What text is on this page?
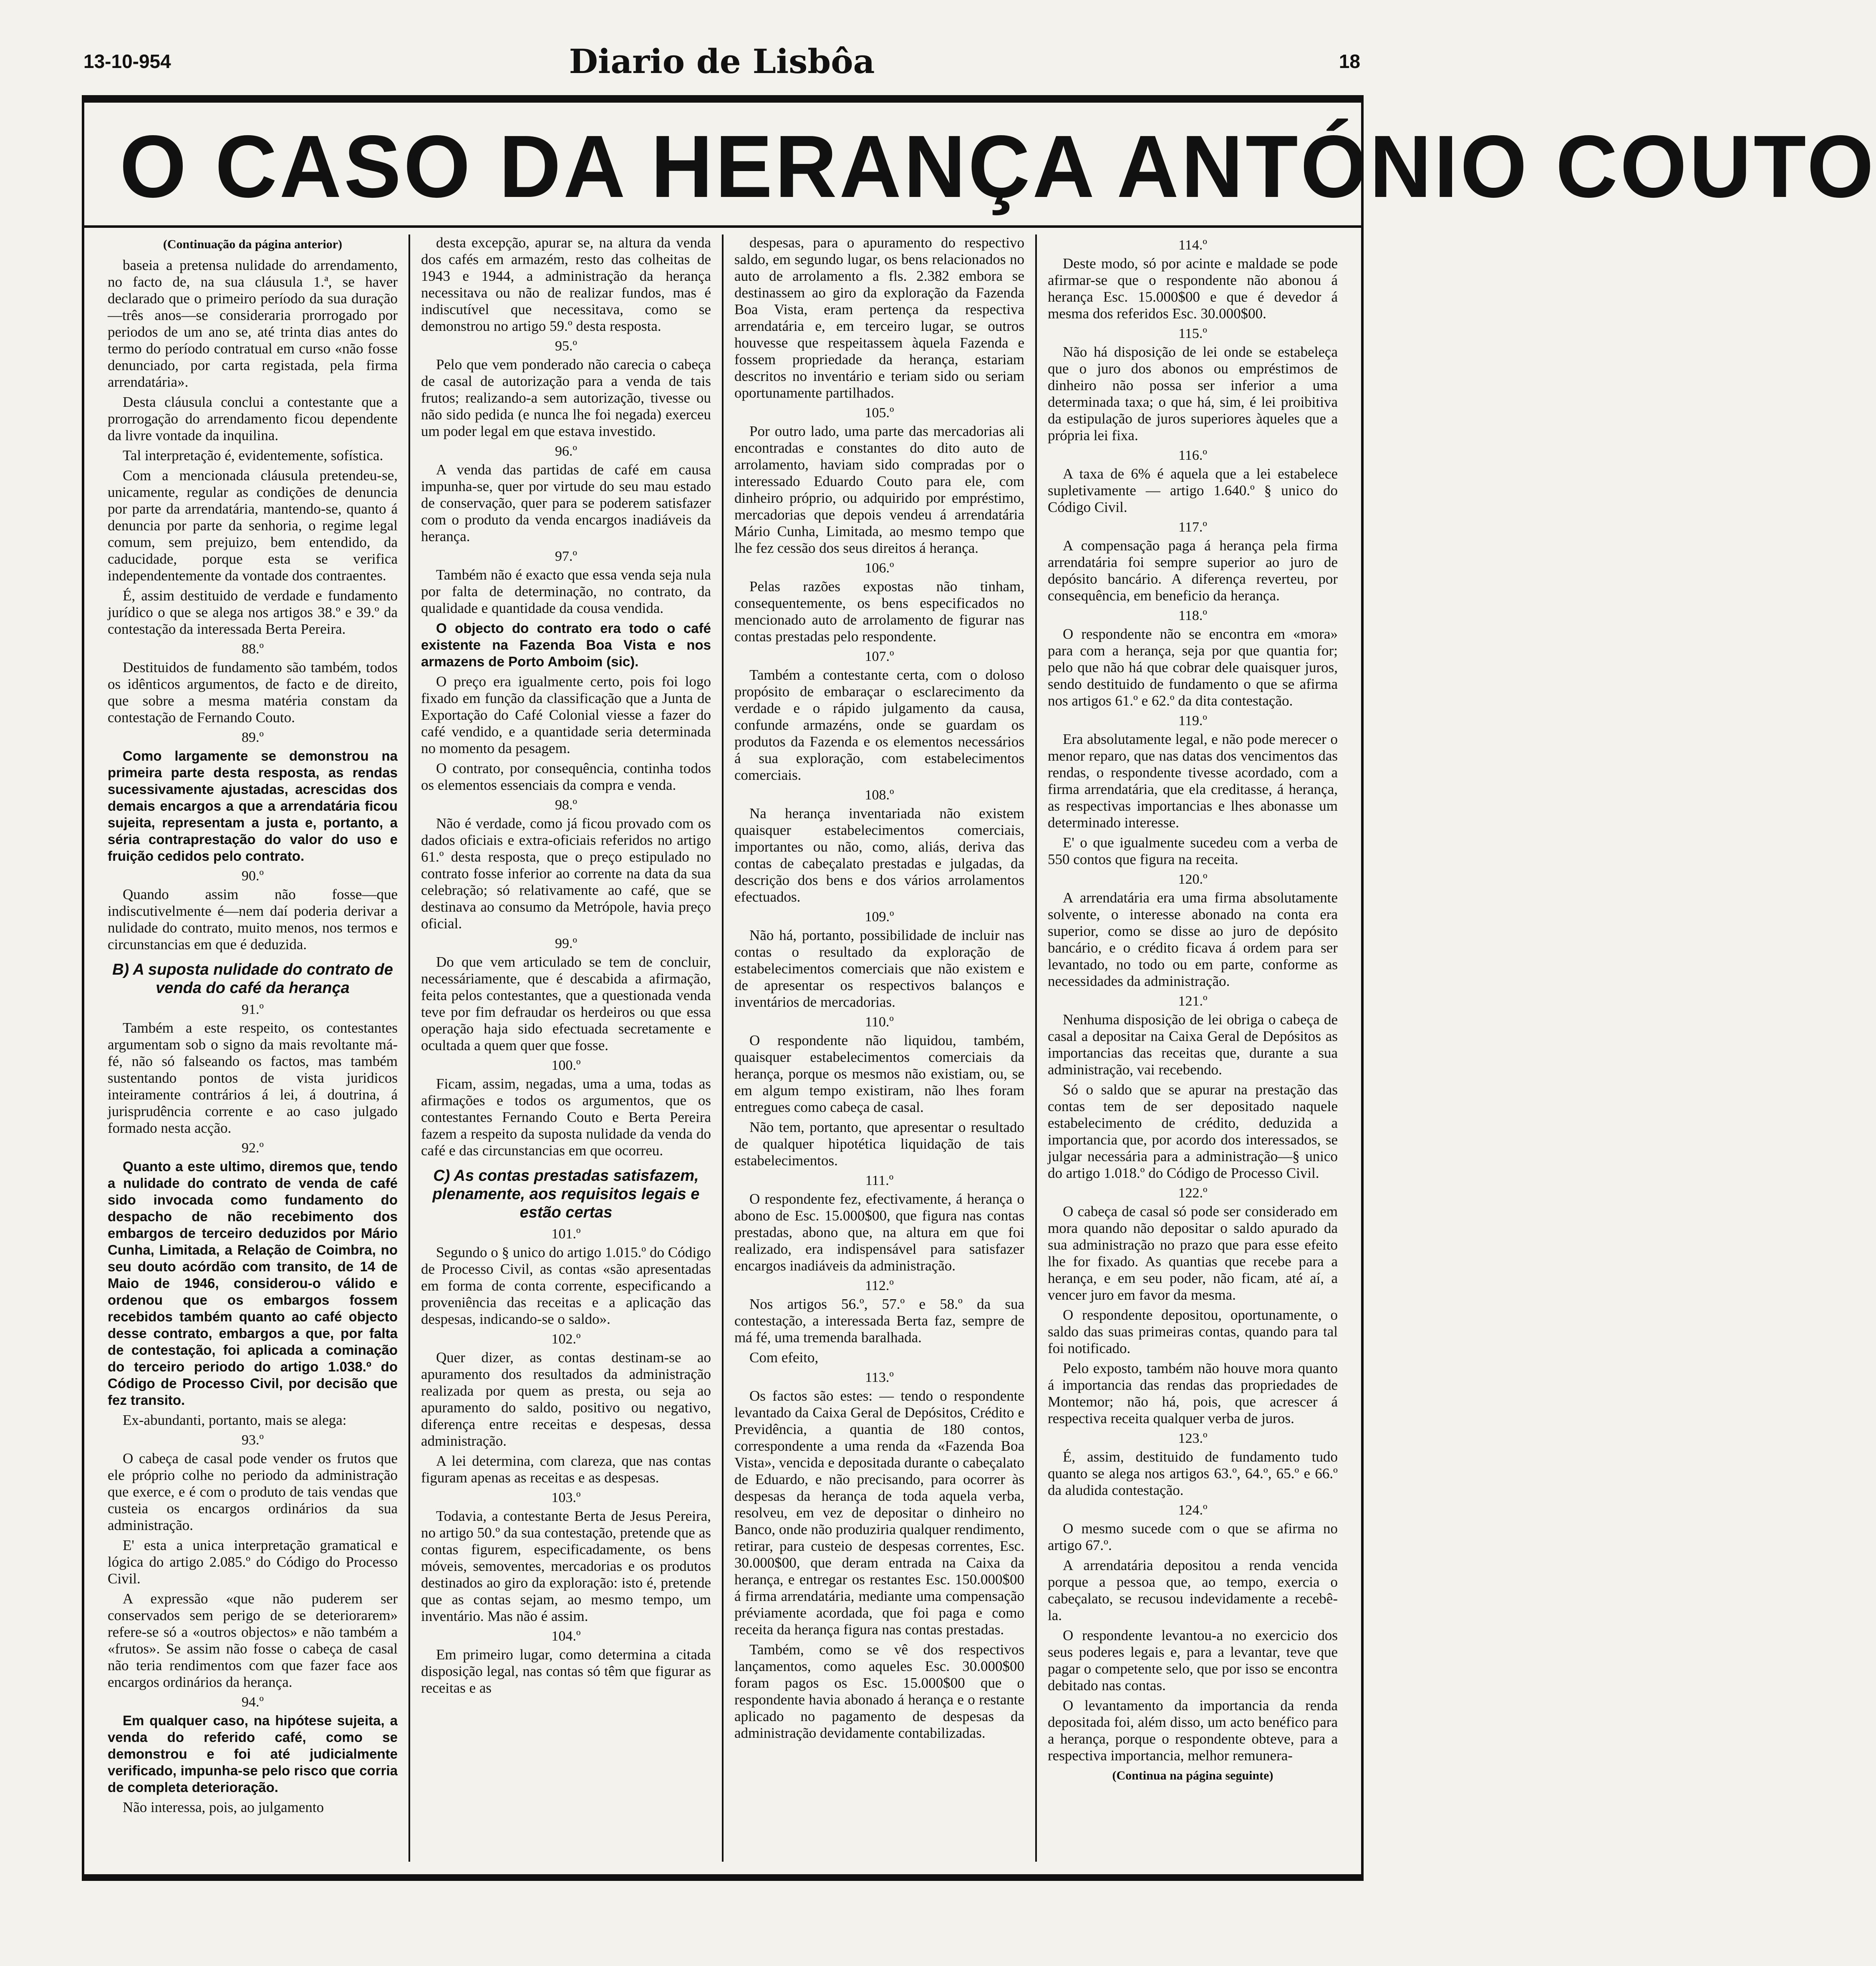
13-10-954	Diario de Lisbôa	18
O CASO DA HERANÇA ANTÓNIO COUTO
(Continuação da página anterior)

baseia a pretensa nulidade do arrendamento, no facto de, na sua cláusula 1.ª, se haver declarado que o primeiro período da sua duração—três anos—se consideraria prorrogado por periodos de um ano se, até trinta dias antes do termo do período contratual em curso «não fosse denunciado, por carta registada, pela firma arrendatária».

Desta cláusula conclui a contestante que a prorrogação do arrendamento ficou dependente da livre vontade da inquilina.

Tal interpretação é, evidentemente, sofística.

Com a mencionada cláusula pretendeu-se, unicamente, regular as condições de denuncia por parte da arrendatária, mantendo-se, quanto á denuncia por parte da senhoria, o regime legal comum, sem prejuizo, bem entendido, da caducidade, porque esta se verifica independentemente da vontade dos contraentes.

É, assim destituido de verdade e fundamento jurídico o que se alega nos artigos 38.º e 39.º da contestação da interessada Berta Pereira.

88.º

Destituidos de fundamento são também, todos os idênticos argumentos, de facto e de direito, que sobre a mesma matéria constam da contestação de Fernando Couto.

89.º

Como largamente se demonstrou na primeira parte desta resposta, as rendas sucessivamente ajustadas, acrescidas dos demais encargos a que a arrendatária ficou sujeita, representam a justa e, portanto, a séria contraprestação do valor do uso e fruição cedidos pelo contrato.

90.º

Quando assim não fosse—que indiscutivelmente é—nem daí poderia derivar a nulidade do contrato, muito menos, nos termos e circunstancias em que é deduzida.

B) A suposta nulidade do contrato de venda do café da herança
91.º

Também a este respeito, os contestantes argumentam sob o signo da mais revoltante má-fé, não só falseando os factos, mas também sustentando pontos de vista juridicos inteiramente contrários á lei, á doutrina, á jurisprudência corrente e ao caso julgado formado nesta acção.

92.º

Quanto a este ultimo, diremos que, tendo a nulidade do contrato de venda de café sido invocada como fundamento do despacho de não recebimento dos embargos de terceiro deduzidos por Mário Cunha, Limitada, a Relação de Coimbra, no seu douto acórdão com transito, de 14 de Maio de 1946, considerou-o válido e ordenou que os embargos fossem recebidos também quanto ao café objecto desse contrato, embargos a que, por falta de contestação, foi aplicada a cominação do terceiro periodo do artigo 1.038.º do Código de Processo Civil, por decisão que fez transito.

Ex-abundanti, portanto, mais se alega:

93.º

O cabeça de casal pode vender os frutos que ele próprio colhe no periodo da administração que exerce, e é com o produto de tais vendas que custeia os encargos ordinários da sua administração.

E' esta a unica interpretação gramatical e lógica do artigo 2.085.º do Código do Processo Civil.

A expressão «que não puderem ser conservados sem perigo de se deteriorarem» refere-se só a «outros objectos» e não também a «frutos». Se assim não fosse o cabeça de casal não teria rendimentos com que fazer face aos encargos ordinários da herança.

94.º

Em qualquer caso, na hipótese sujeita, a venda do referido café, como se demonstrou e foi até judicialmente verificado, impunha-se pelo risco que corria de completa deterioração.

Não interessa, pois, ao julgamento

desta excepção, apurar se, na altura da venda dos cafés em armazém, resto das colheitas de 1943 e 1944, a administração da herança necessitava ou não de realizar fundos, mas é indiscutível que necessitava, como se demonstrou no artigo 59.º desta resposta.

95.º

Pelo que vem ponderado não carecia o cabeça de casal de autorização para a venda de tais frutos; realizando-a sem autorização, tivesse ou não sido pedida (e nunca lhe foi negada) exerceu um poder legal em que estava investido.

96.º

A venda das partidas de café em causa impunha-se, quer por virtude do seu mau estado de conservação, quer para se poderem satisfazer com o produto da venda encargos inadiáveis da herança.

97.º

Também não é exacto que essa venda seja nula por falta de determinação, no contrato, da qualidade e quantidade da cousa vendida.

O objecto do contrato era todo o café existente na Fazenda Boa Vista e nos armazens de Porto Amboim (sic).

O preço era igualmente certo, pois foi logo fixado em função da classificação que a Junta de Exportação do Café Colonial viesse a fazer do café vendido, e a quantidade seria determinada no momento da pesagem.

O contrato, por consequência, continha todos os elementos essenciais da compra e venda.

98.º

Não é verdade, como já ficou provado com os dados oficiais e extra-oficiais referidos no artigo 61.º desta resposta, que o preço estipulado no contrato fosse inferior ao corrente na data da sua celebração; só relativamente ao café, que se destinava ao consumo da Metrópole, havia preço oficial.

99.º

Do que vem articulado se tem de concluir, necessáriamente, que é descabida a afirmação, feita pelos contestantes, que a questionada venda teve por fim defraudar os herdeiros ou que essa operação haja sido efectuada secretamente e ocultada a quem quer que fosse.

100.º

Ficam, assim, negadas, uma a uma, todas as afirmações e todos os argumentos, que os contestantes Fernando Couto e Berta Pereira fazem a respeito da suposta nulidade da venda do café e das circunstancias em que ocorreu.

C) As contas prestadas satisfazem, plenamente, aos requisitos legais e estão certas
101.º

Segundo o § unico do artigo 1.015.º do Código de Processo Civil, as contas «são apresentadas em forma de conta corrente, especificando a proveniência das receitas e a aplicação das despesas, indicando-se o saldo».

102.º

Quer dizer, as contas destinam-se ao apuramento dos resultados da administração realizada por quem as presta, ou seja ao apuramento do saldo, positivo ou negativo, diferença entre receitas e despesas, dessa administração.

A lei determina, com clareza, que nas contas figuram apenas as receitas e as despesas.

103.º

Todavia, a contestante Berta de Jesus Pereira, no artigo 50.º da sua contestação, pretende que as contas figurem, especificadamente, os bens móveis, semoventes, mercadorias e os produtos destinados ao giro da exploração: isto é, pretende que as contas sejam, ao mesmo tempo, um inventário. Mas não é assim.

104.º

Em primeiro lugar, como determina a citada disposição legal, nas contas só têm que figurar as receitas e as

despesas, para o apuramento do respectivo saldo, em segundo lugar, os bens relacionados no auto de arrolamento a fls. 2.382 embora se destinassem ao giro da exploração da Fazenda Boa Vista, eram pertença da respectiva arrendatária e, em terceiro lugar, se outros houvesse que respeitassem àquela Fazenda e fossem propriedade da herança, estariam descritos no inventário e teriam sido ou seriam oportunamente partilhados.

105.º

Por outro lado, uma parte das mercadorias ali encontradas e constantes do dito auto de arrolamento, haviam sido compradas por o interessado Eduardo Couto para ele, com dinheiro próprio, ou adquirido por empréstimo, mercadorias que depois vendeu á arrendatária Mário Cunha, Limitada, ao mesmo tempo que lhe fez cessão dos seus direitos á herança.

106.º

Pelas razões expostas não tinham, consequentemente, os bens especificados no mencionado auto de arrolamento de figurar nas contas prestadas pelo respondente.

107.º

Também a contestante certa, com o doloso propósito de embaraçar o esclarecimento da verdade e o rápido julgamento da causa, confunde armazéns, onde se guardam os produtos da Fazenda e os elementos necessários á sua exploração, com estabelecimentos comerciais.

108.º

Na herança inventariada não existem quaisquer estabelecimentos comerciais, importantes ou não, como, aliás, deriva das contas de cabeçalato prestadas e julgadas, da descrição dos bens e dos vários arrolamentos efectuados.

109.º

Não há, portanto, possibilidade de incluir nas contas o resultado da exploração de estabelecimentos comerciais que não existem e de apresentar os respectivos balanços e inventários de mercadorias.

110.º

O respondente não liquidou, também, quaisquer estabelecimentos comerciais da herança, porque os mesmos não existiam, ou, se em algum tempo existiram, não lhes foram entregues como cabeça de casal.

Não tem, portanto, que apresentar o resultado de qualquer hipotética liquidação de tais estabelecimentos.

111.º

O respondente fez, efectivamente, á herança o abono de Esc. 15.000$00, que figura nas contas prestadas, abono que, na altura em que foi realizado, era indispensável para satisfazer encargos inadiáveis da administração.

112.º

Nos artigos 56.º, 57.º e 58.º da sua contestação, a interessada Berta faz, sempre de má fé, uma tremenda baralhada.

Com efeito,

113.º

Os factos são estes: — tendo o respondente levantado da Caixa Geral de Depósitos, Crédito e Previdência, a quantia de 180 contos, correspondente a uma renda da «Fazenda Boa Vista», vencida e depositada durante o cabeçalato de Eduardo, e não precisando, para ocorrer às despesas da herança de toda aquela verba, resolveu, em vez de depositar o dinheiro no Banco, onde não produziria qualquer rendimento, retirar, para custeio de despesas correntes, Esc. 30.000$00, que deram entrada na Caixa da herança, e entregar os restantes Esc. 150.000$00 á firma arrendatária, mediante uma compensação préviamente acordada, que foi paga e como receita da herança figura nas contas prestadas.

Também, como se vê dos respectivos lançamentos, como aqueles Esc. 30.000$00 foram pagos os Esc. 15.000$00 que o respondente havia abonado á herança e o restante aplicado no pagamento de despesas da administração devidamente contabilizadas.

114.º

Deste modo, só por acinte e maldade se pode afirmar-se que o respondente não abonou á herança Esc. 15.000$00 e que é devedor á mesma dos referidos Esc. 30.000$00.

115.º

Não há disposição de lei onde se estabeleça que o juro dos abonos ou empréstimos de dinheiro não possa ser inferior a uma determinada taxa; o que há, sim, é lei proibitiva da estipulação de juros superiores àqueles que a própria lei fixa.

116.º

A taxa de 6% é aquela que a lei estabelece supletivamente — artigo 1.640.º § unico do Código Civil.

117.º

A compensação paga á herança pela firma arrendatária foi sempre superior ao juro de depósito bancário. A diferença reverteu, por consequência, em beneficio da herança.

118.º

O respondente não se encontra em «mora» para com a herança, seja por que quantia for; pelo que não há que cobrar dele quaisquer juros, sendo destituido de fundamento o que se afirma nos artigos 61.º e 62.º da dita contestação.

119.º

Era absolutamente legal, e não pode merecer o menor reparo, que nas datas dos vencimentos das rendas, o respondente tivesse acordado, com a firma arrendatária, que ela creditasse, á herança, as respectivas importancias e lhes abonasse um determinado interesse.

E' o que igualmente sucedeu com a verba de 550 contos que figura na receita.

120.º

A arrendatária era uma firma absolutamente solvente, o interesse abonado na conta era superior, como se disse ao juro de depósito bancário, e o crédito ficava á ordem para ser levantado, no todo ou em parte, conforme as necessidades da administração.

121.º

Nenhuma disposição de lei obriga o cabeça de casal a depositar na Caixa Geral de Depósitos as importancias das receitas que, durante a sua administração, vai recebendo.

Só o saldo que se apurar na prestação das contas tem de ser depositado naquele estabelecimento de crédito, deduzida a importancia que, por acordo dos interessados, se julgar necessária para a administração—§ unico do artigo 1.018.º do Código de Processo Civil.

122.º

O cabeça de casal só pode ser considerado em mora quando não depositar o saldo apurado da sua administração no prazo que para esse efeito lhe for fixado. As quantias que recebe para a herança, e em seu poder, não ficam, até aí, a vencer juro em favor da mesma.

O respondente depositou, oportunamente, o saldo das suas primeiras contas, quando para tal foi notificado.

Pelo exposto, também não houve mora quanto á importancia das rendas das propriedades de Montemor; não há, pois, que acrescer á respectiva receita qualquer verba de juros.

123.º

É, assim, destituido de fundamento tudo quanto se alega nos artigos 63.º, 64.º, 65.º e 66.º da aludida contestação.

124.º

O mesmo sucede com o que se afirma no artigo 67.º.

A arrendatária depositou a renda vencida porque a pessoa que, ao tempo, exercia o cabeçalato, se recusou indevidamente a recebê-la.

O respondente levantou-a no exercicio dos seus poderes legais e, para a levantar, teve que pagar o competente selo, que por isso se encontra debitado nas contas.

O levantamento da importancia da renda depositada foi, além disso, um acto benéfico para a herança, porque o respondente obteve, para a respectiva importancia, melhor remunera-

(Continua na página seguinte)
